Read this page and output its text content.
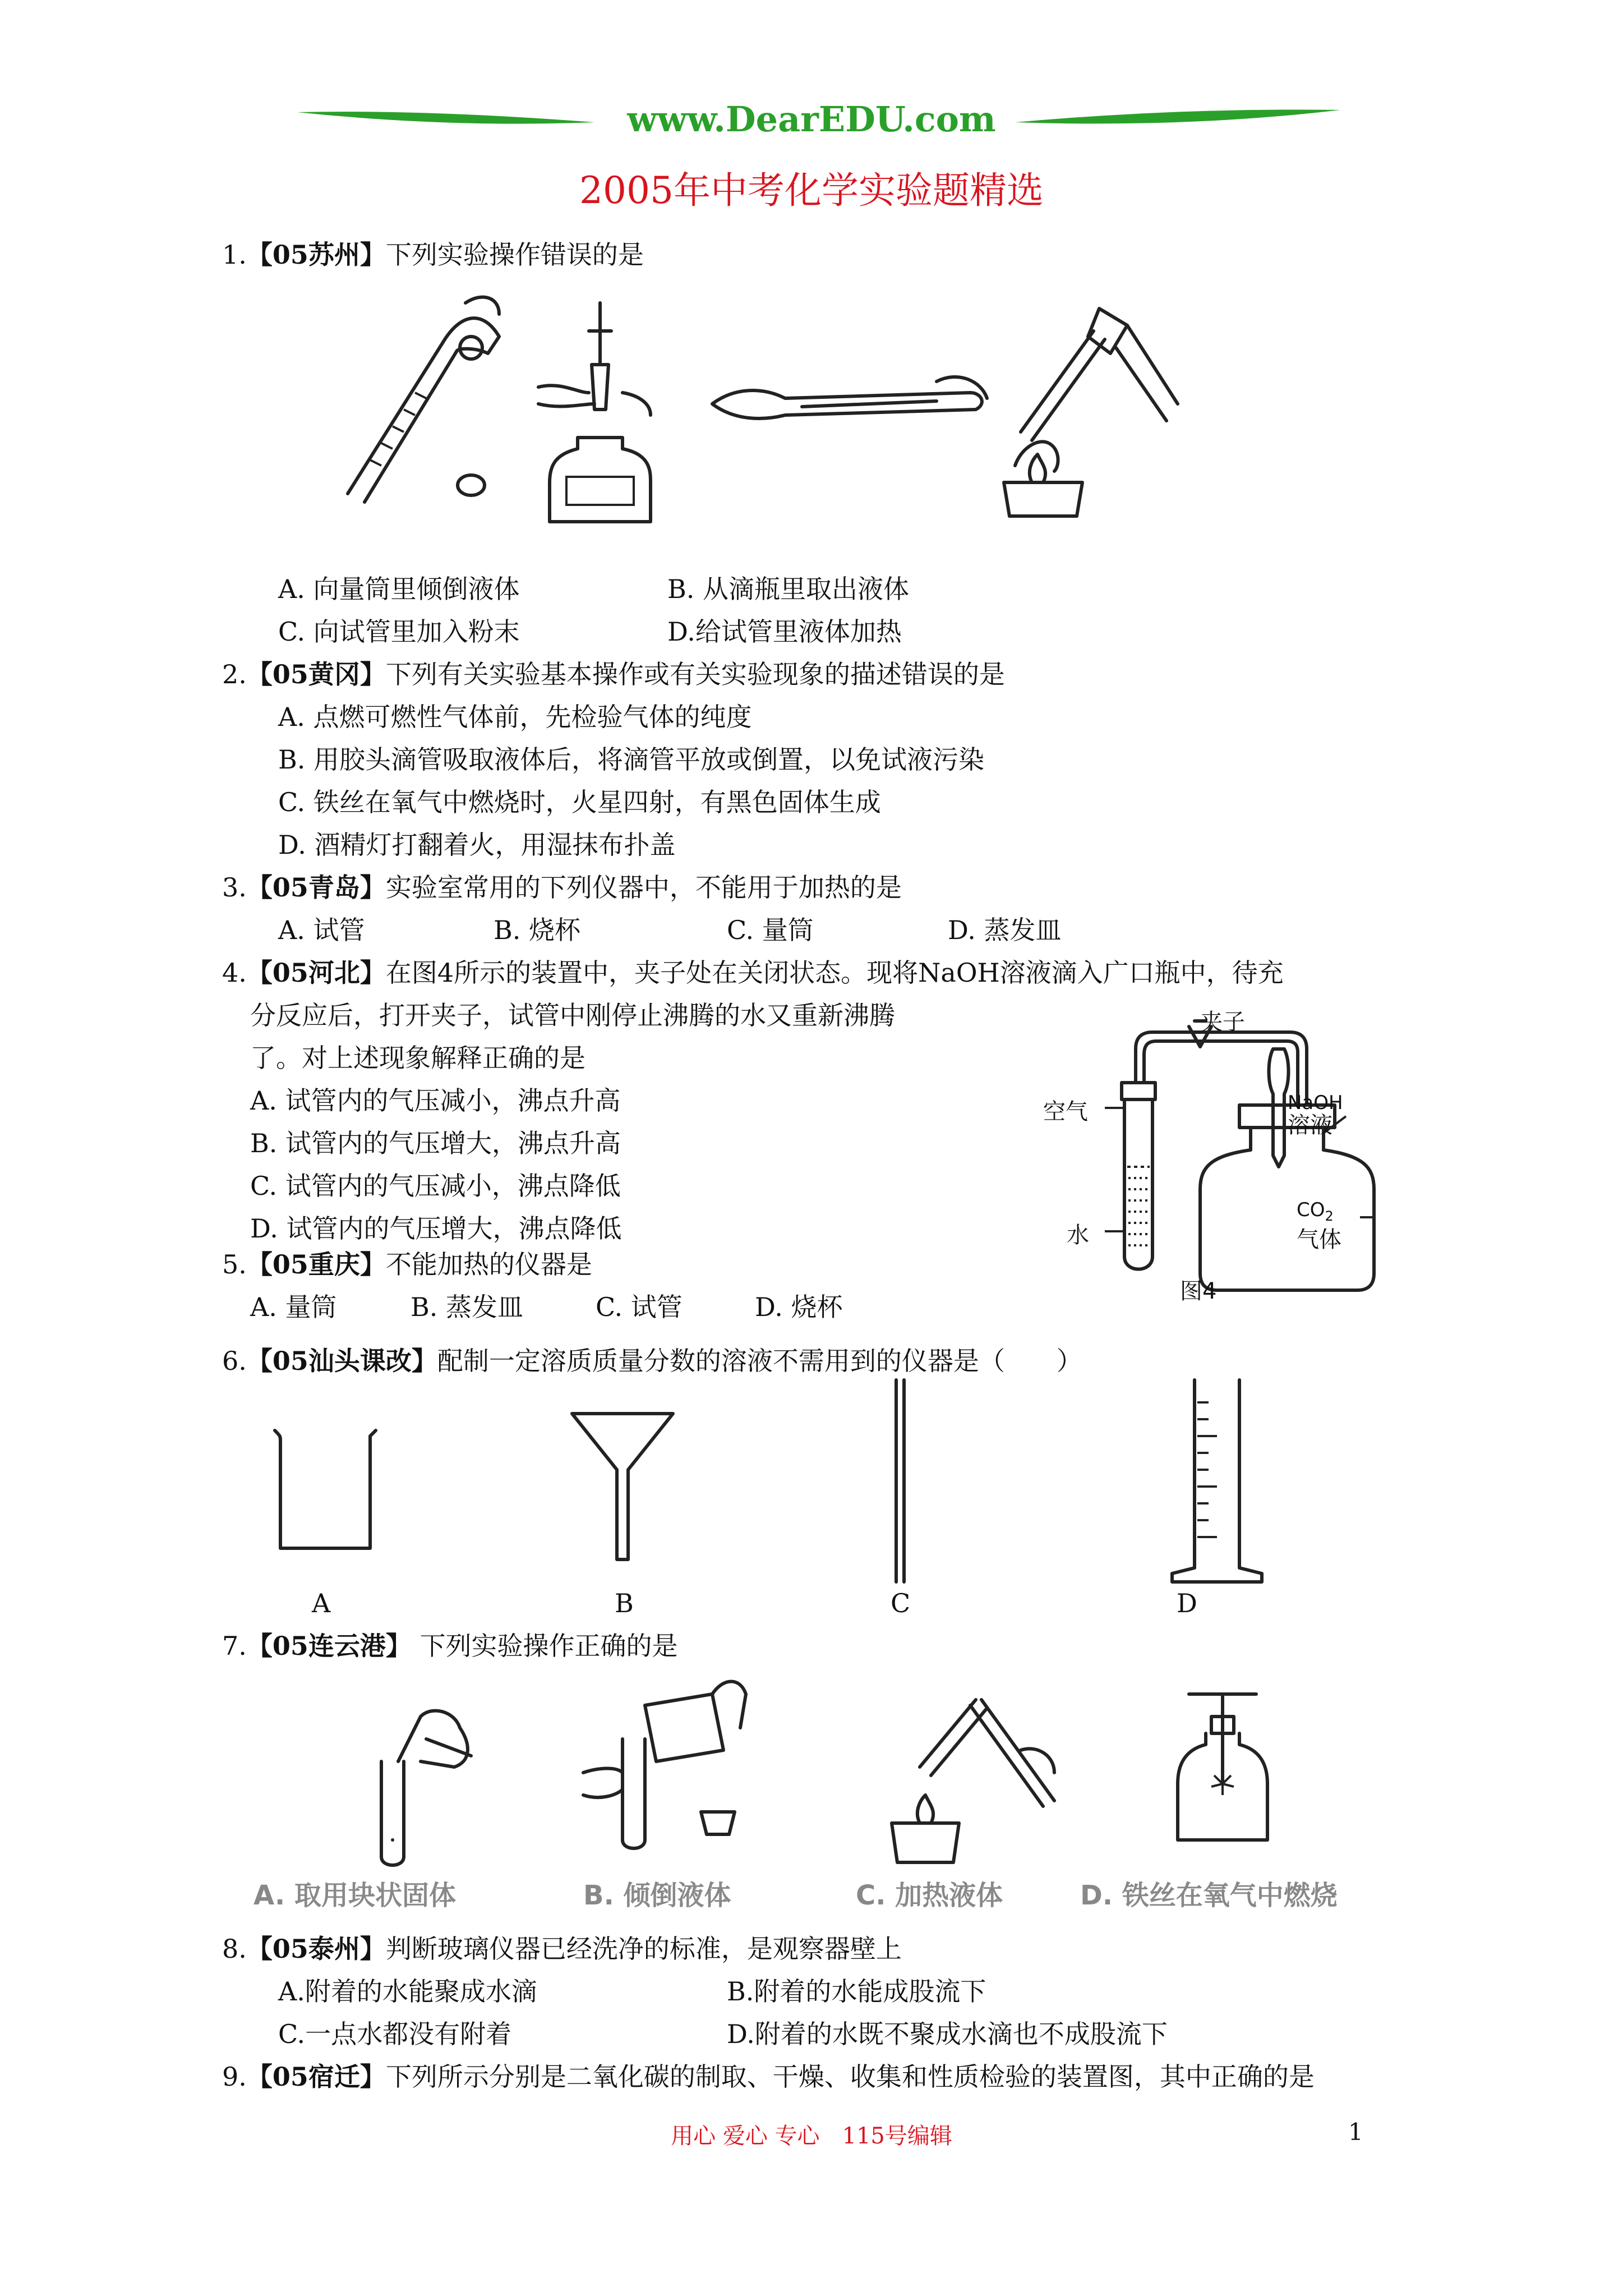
www.DearEDU.com
2005年中考化学实验题精选
1.【05苏州】下列实验操作错误的是
A. 向量筒里倾倒液体	B. 从滴瓶里取出液体
C. 向试管里加入粉末	D.给试管里液体加热
2.【05黄冈】下列有关实验基本操作或有关实验现象的描述错误的是
A. 点燃可燃性气体前，先检验气体的纯度
B. 用胶头滴管吸取液体后，将滴管平放或倒置，以免试液污染
C. 铁丝在氧气中燃烧时，火星四射，有黑色固体生成
D. 酒精灯打翻着火，用湿抹布扑盖
3.【05青岛】实验室常用的下列仪器中，不能用于加热的是
A. 试管	B. 烧杯	C. 量筒	D. 蒸发皿
4.【05河北】在图4所示的装置中，夹子处在关闭状态。现将NaOH溶液滴入广口瓶中，待充
分反应后，打开夹子，试管中刚停止沸腾的水又重新沸腾
了。对上述现象解释正确的是
A. 试管内的气压减小，沸点升高
B. 试管内的气压增大，沸点升高
C. 试管内的气压减小，沸点降低
D. 试管内的气压增大，沸点降低
夹子
空气
水
NaOH
溶液
$CO_2$
气体
图4
5.【05重庆】不能加热的仪器是
A. 量筒	B. 蒸发皿	C. 试管	D. 烧杯
6.【05汕头课改】配制一定溶质质量分数的溶液不需用到的仪器是（　　）
A	B	C	D
7.【05连云港】 下列实验操作正确的是
A. 取用块状固体	B. 倾倒液体	C. 加热液体	D. 铁丝在氧气中燃烧
8.【05泰州】判断玻璃仪器已经洗净的标准，是观察器壁上
A.附着的水能聚成水滴	B.附着的水能成股流下
C.一点水都没有附着	D.附着的水既不聚成水滴也不成股流下
9.【05宿迁】下列所示分别是二氧化碳的制取、干燥、收集和性质检验的装置图，其中正确的是
用心 爱心 专心　115号编辑	1
